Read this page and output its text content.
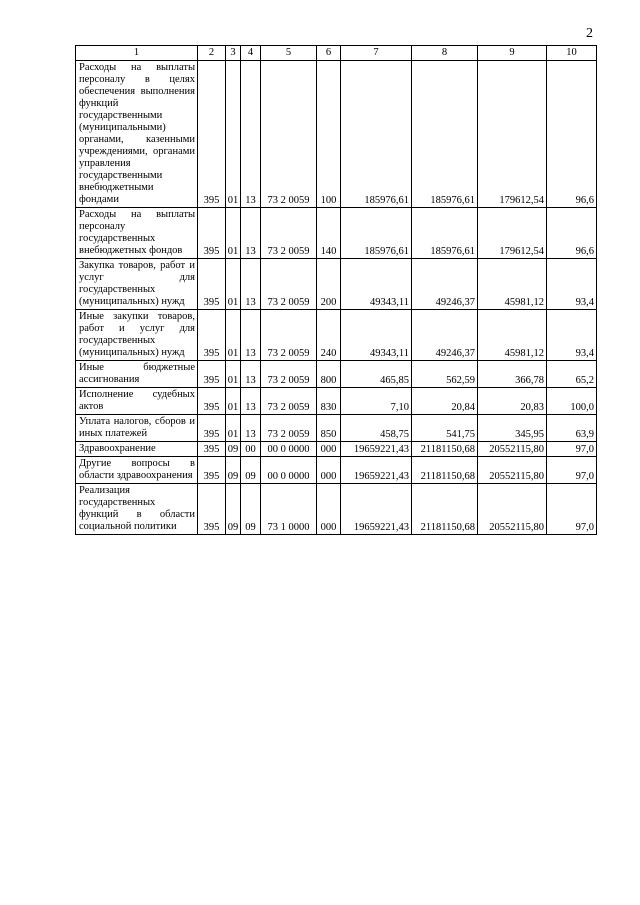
2
1	2	3	4	5	6	7	8	9	10
Расходы на выплаты персоналу в целях обеспечения выполнения функций государственными (муниципальными) органами, казенными учреждениями, органами управления государственными внебюджетными фондами	395	01	13	73 2 0059	100	185976,61	185976,61	179612,54	96,6
Расходы на выплаты персоналу государственных внебюджетных фондов	395	01	13	73 2 0059	140	185976,61	185976,61	179612,54	96,6
Закупка товаров, работ и услуг для государственных (муниципальных) нужд	395	01	13	73 2 0059	200	49343,11	49246,37	45981,12	93,4
Иные закупки товаров, работ и услуг для государственных (муниципальных) нужд	395	01	13	73 2 0059	240	49343,11	49246,37	45981,12	93,4
Иные бюджетные ассигнования	395	01	13	73 2 0059	800	465,85	562,59	366,78	65,2
Исполнение судебных актов	395	01	13	73 2 0059	830	7,10	20,84	20,83	100,0
Уплата налогов, сборов и иных платежей	395	01	13	73 2 0059	850	458,75	541,75	345,95	63,9
Здравоохранение	395	09	00	00 0 0000	000	19659221,43	21181150,68	20552115,80	97,0
Другие вопросы в области здравоохранения	395	09	09	00 0 0000	000	19659221,43	21181150,68	20552115,80	97,0
Реализация государственных функций в области социальной политики	395	09	09	73 1 0000	000	19659221,43	21181150,68	20552115,80	97,0
